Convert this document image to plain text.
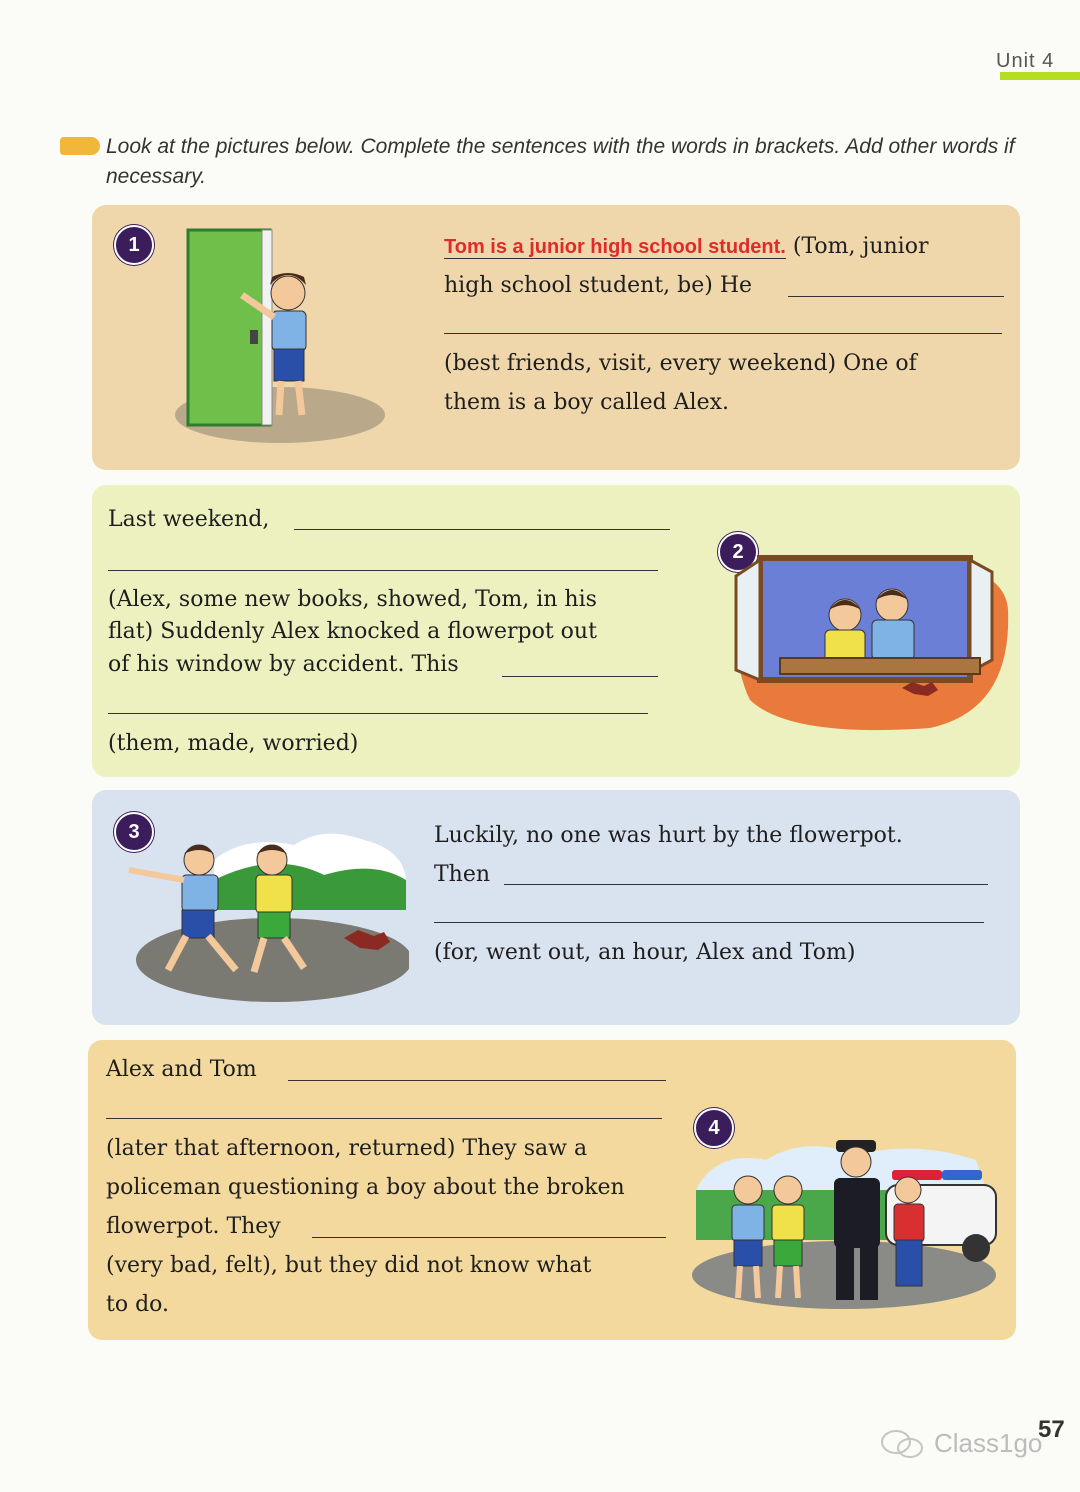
Unit 4
Look at the pictures below. Complete the sentences with the words in brackets. Add other words if necessary.
1	Tom is a junior high school student. (Tom, junior
high school student, be) He
(best friends, visit, every weekend) One of
them is a boy called Alex.
Last weekend,
(Alex, some new books, showed, Tom, in his
flat) Suddenly Alex knocked a flowerpot out
of his window by accident. This
(them, made, worried)
2
3	Luckily, no one was hurt by the flowerpot.
Then
(for, went out, an hour, Alex and Tom)
Alex and Tom
(later that afternoon, returned) They saw a
policeman questioning a boy about the broken
flowerpot. They
(very bad, felt), but they did not know what
to do.
4
57
Class1go
